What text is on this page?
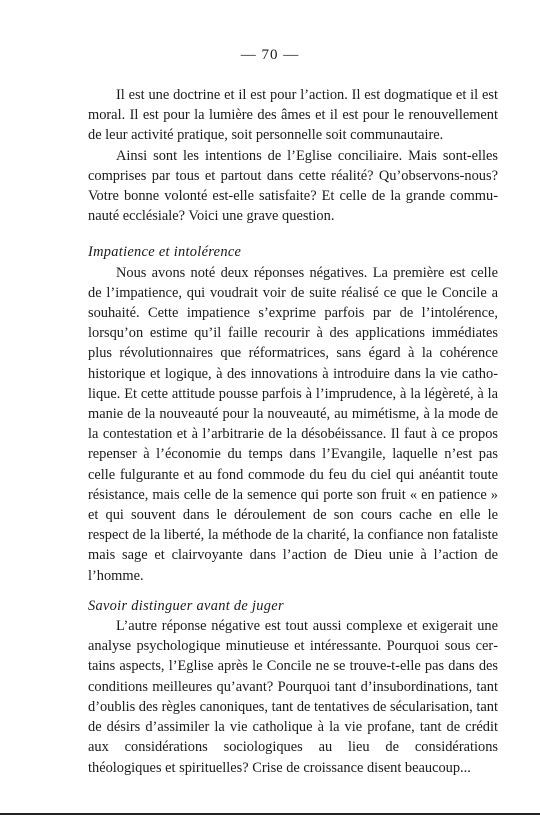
— 70 —

Il est une doctrine et il est pour l’action. Il est dogmatique et il est moral. Il est pour la lumière des âmes et il est pour le renouvellement de leur activité pratique, soit personnelle soit communautaire.

Ainsi sont les intentions de l’Eglise conciliaire. Mais sont-elles comprises par tous et partout dans cette réalité? Qu’observons-nous? Votre bonne volonté est-elle satisfaite? Et celle de la grande communauté ecclésiale? Voici une grave question.

Impatience et intolérence

Nous avons noté deux réponses négatives. La première est celle de l’impatience, qui voudrait voir de suite réalisé ce que le Concile a souhaité. Cette impatience s’exprime parfois par de l’intolérence, lorsqu’on estime qu’il faille recourir à des applications immédiates plus révolutionnaires que réformatrices, sans égard à la cohérence historique et logique, à des innovations à introduire dans la vie catholique. Et cette attitude pousse parfois à l’imprudence, à la légèreté, à la manie de la nouveauté pour la nouveauté, au mimétisme, à la mode de la contestation et à l’arbitrarie de la désobéissance. Il faut à ce propos repenser à l’économie du temps dans l’Evangile, laquelle n’est pas celle fulgurante et au fond commode du feu du ciel qui anéantit toute résistance, mais celle de la semence qui porte son fruit « en patience » et qui souvent dans le déroulement de son cours cache en elle le respect de la liberté, la méthode de la charité, la confiance non fataliste mais sage et clairvoyante dans l’action de Dieu unie à l’action de l’homme.

Savoir distinguer avant de juger

L’autre réponse négative est tout aussi complexe et exigerait une analyse psychologique minutieuse et intéressante. Pourquoi sous certains aspects, l’Eglise après le Concile ne se trouve-t-elle pas dans des conditions meilleures qu’avant? Pourquoi tant d’insubordinations, tant d’oublis des règles canoniques, tant de tentatives de sécularisation, tant de désirs d’assimiler la vie catholique à la vie profane, tant de crédit aux considérations sociologiques au lieu de considérations théologiques et spirituelles? Crise de croissance disent beaucoup...
